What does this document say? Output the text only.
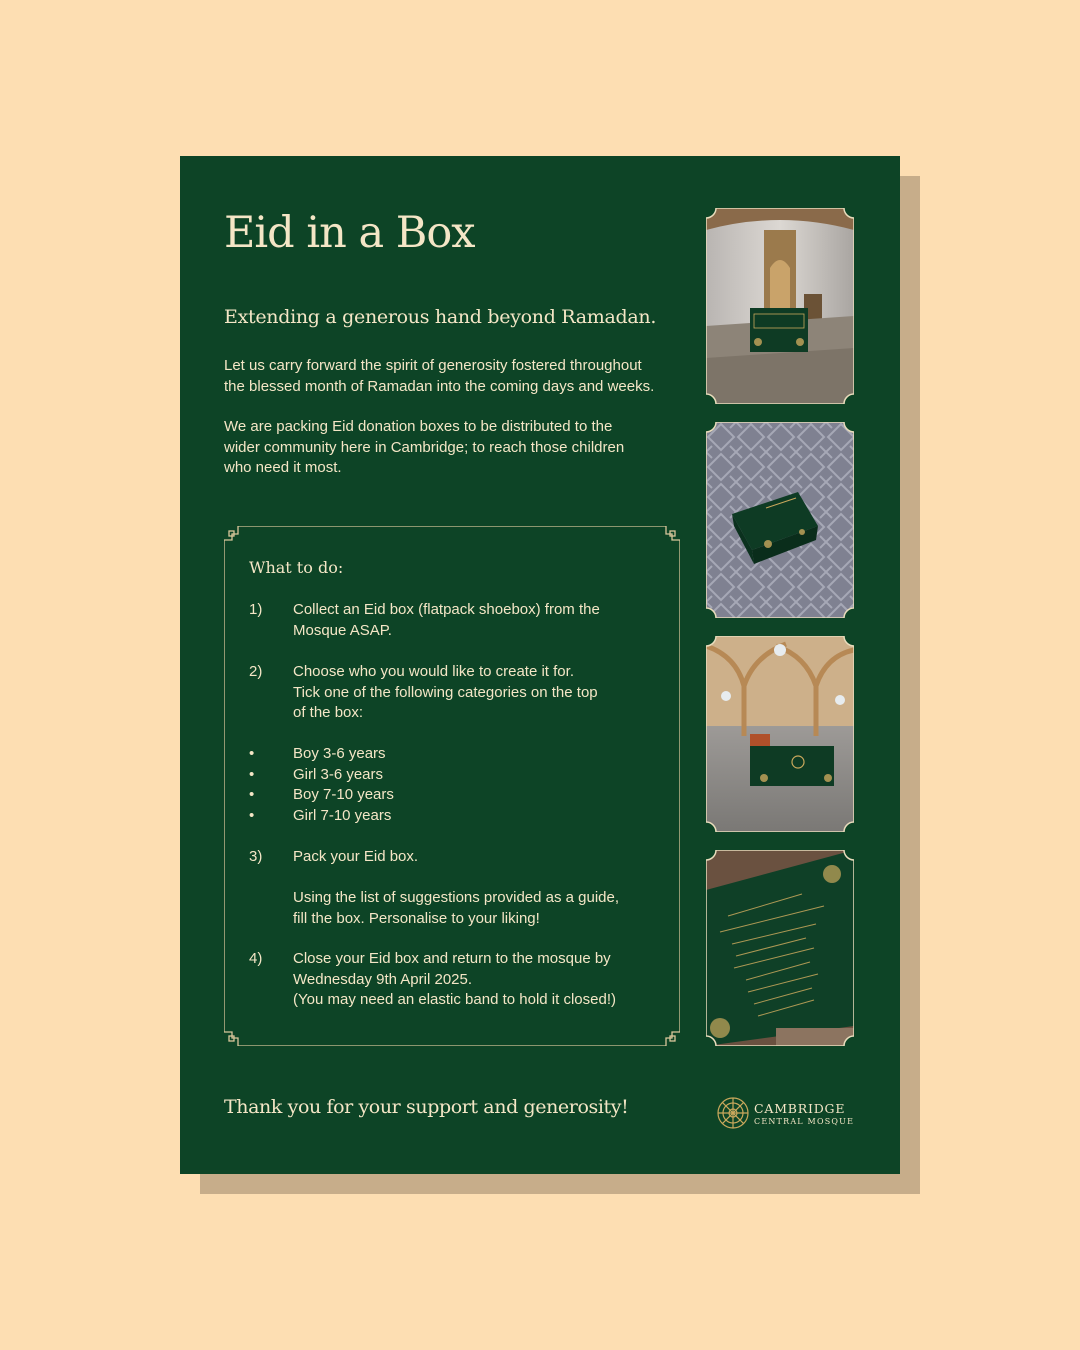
Eid in a Box

Extending a generous hand beyond Ramadan.

Let us carry forward the spirit of generosity fostered throughout
the blessed month of Ramadan into the coming days and weeks.

We are packing Eid donation boxes to be distributed to the
wider community here in Cambridge; to reach those children
who need it most.

What to do:

1) Collect an Eid box (flatpack shoebox) from the
Mosque ASAP.
2) Choose who you would like to create it for.
Tick one of the following categories on the top
of the box:
•	Boy 3-6 years
•	Girl 3-6 years
•	Boy 7-10 years
•	Girl 7-10 years
3) Pack your Eid box.
Using the list of suggestions provided as a guide,
fill the box. Personalise to your liking!
4) Close your Eid box and return to the mosque by
Wednesday 9th April 2025.
(You may need an elastic band to hold it closed!)

Thank you for your support and generosity!	CAMBRIDGE
CENTRAL MOSQUE
